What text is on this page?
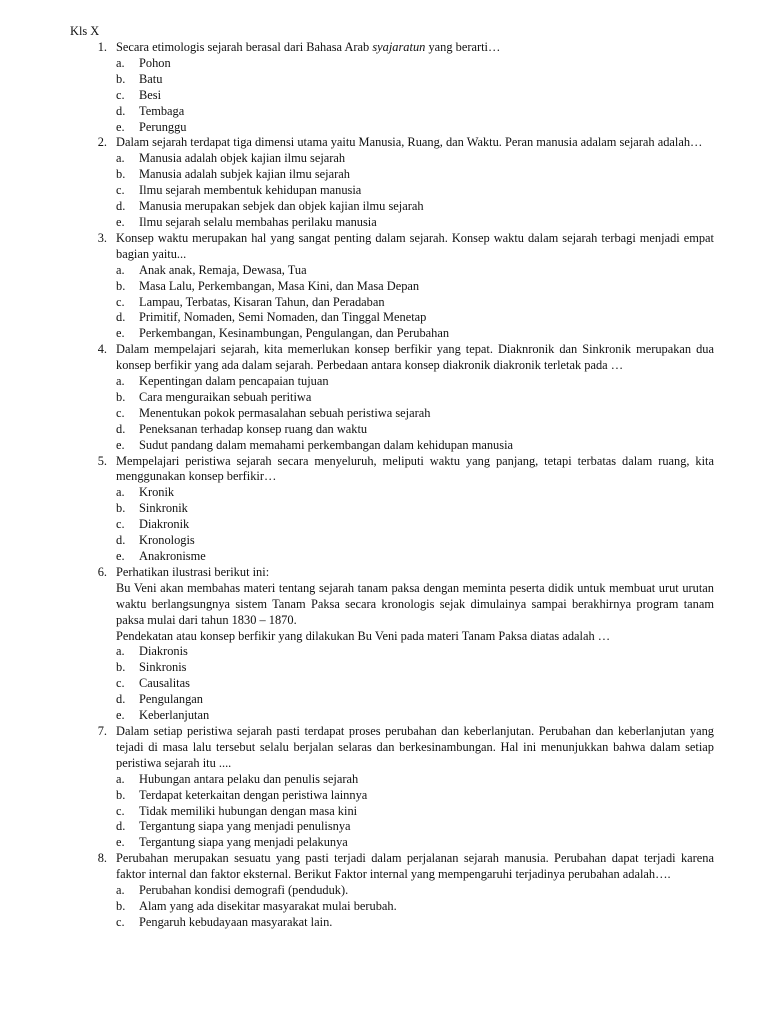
Kls X
1. Secara etimologis sejarah berasal dari Bahasa Arab syajaratun yang berarti…
a.	Pohon
b.	Batu
c.	Besi
d.	Tembaga
e.	Perunggu
2. Dalam sejarah terdapat tiga dimensi utama yaitu Manusia, Ruang, dan Waktu. Peran manusia adalam sejarah adalah…
a.	Manusia adalah objek kajian ilmu sejarah
b.	Manusia adalah subjek kajian ilmu sejarah
c.	Ilmu sejarah membentuk kehidupan manusia
d.	Manusia merupakan sebjek dan objek kajian ilmu sejarah
e.	Ilmu sejarah selalu membahas perilaku manusia
3. Konsep waktu merupakan hal yang sangat penting dalam sejarah. Konsep waktu dalam sejarah terbagi menjadi empat bagian yaitu...
a.	Anak anak, Remaja, Dewasa, Tua
b.	Masa Lalu, Perkembangan, Masa Kini, dan Masa Depan
c.	Lampau, Terbatas, Kisaran Tahun, dan Peradaban
d.	Primitif, Nomaden, Semi Nomaden, dan Tinggal Menetap
e.	Perkembangan, Kesinambungan, Pengulangan, dan Perubahan
4. Dalam mempelajari sejarah, kita memerlukan konsep berfikir yang tepat. Diaknronik dan Sinkronik merupakan dua konsep berfikir yang ada dalam sejarah. Perbedaan antara konsep diakronik diakronik terletak pada …
a.	Kepentingan dalam pencapaian tujuan
b.	Cara menguraikan sebuah peritiwa
c.	Menentukan pokok permasalahan sebuah peristiwa sejarah
d.	Peneksanan terhadap konsep ruang dan waktu
e.	Sudut pandang dalam memahami perkembangan dalam kehidupan manusia
5. Mempelajari peristiwa sejarah secara menyeluruh, meliputi waktu yang panjang, tetapi terbatas dalam ruang, kita menggunakan konsep berfikir…
a.	Kronik
b.	Sinkronik
c.	Diakronik
d.	Kronologis
e.	Anakronisme
6. Perhatikan ilustrasi berikut ini:
Bu Veni akan membahas materi tentang sejarah tanam paksa dengan meminta peserta didik untuk membuat urut urutan waktu berlangsungnya sistem Tanam Paksa secara kronologis sejak dimulainya sampai berakhirnya program tanam paksa mulai dari tahun 1830 – 1870.
Pendekatan atau konsep berfikir yang dilakukan Bu Veni pada materi Tanam Paksa diatas adalah …
a.	Diakronis
b.	Sinkronis
c.	Causalitas
d.	Pengulangan
e.	Keberlanjutan
7. Dalam setiap peristiwa sejarah pasti terdapat proses perubahan dan keberlanjutan. Perubahan dan keberlanjutan yang tejadi di masa lalu tersebut selalu berjalan selaras dan berkesinambungan. Hal ini menunjukkan bahwa dalam setiap peristiwa sejarah itu ....
a.	Hubungan antara pelaku dan penulis sejarah
b.	Terdapat keterkaitan dengan peristiwa lainnya
c.	Tidak memiliki hubungan dengan masa kini
d.	Tergantung siapa yang menjadi penulisnya
e.	Tergantung siapa yang menjadi pelakunya
8. Perubahan merupakan sesuatu yang pasti terjadi dalam perjalanan sejarah manusia. Perubahan dapat terjadi karena faktor internal dan faktor eksternal. Berikut Faktor internal yang mempengaruhi terjadinya perubahan adalah….
a.	Perubahan kondisi demografi (penduduk).
b.	Alam yang ada disekitar masyarakat mulai berubah.
c.	Pengaruh kebudayaan masyarakat lain.
